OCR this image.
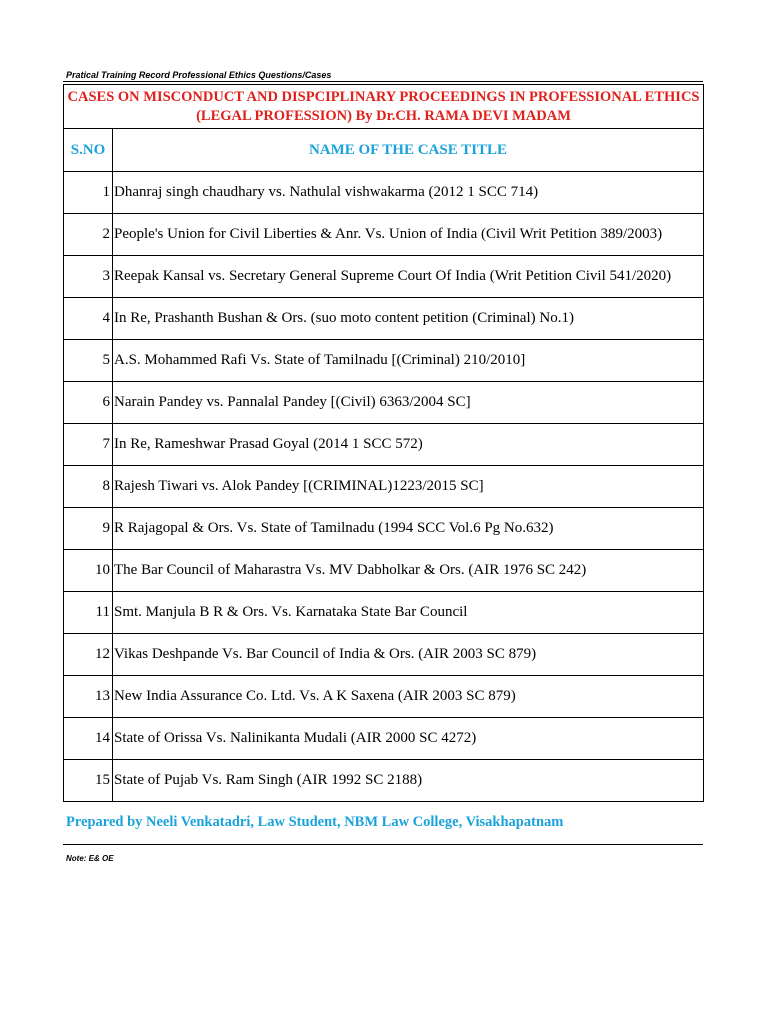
Pratical Training Record Professional Ethics Questions/Cases
CASES ON MISCONDUCT AND DISPCIPLINARY PROCEEDINGS IN PROFESSIONAL ETHICS
(LEGAL PROFESSION) By Dr.CH. RAMA DEVI MADAM	

S.NO	NAME OF THE CASE TITLE
1	Dhanraj singh chaudhary vs. Nathulal vishwakarma (2012 1 SCC 714)
2	People's Union for Civil Liberties & Anr. Vs. Union of India (Civil Writ Petition 389/2003)
3	Reepak Kansal vs. Secretary General Supreme Court Of India (Writ Petition Civil 541/2020)
4	In Re, Prashanth Bushan & Ors. (suo moto content petition (Criminal) No.1)
5	A.S. Mohammed Rafi Vs. State of Tamilnadu [(Criminal) 210/2010]
6	Narain Pandey vs. Pannalal Pandey [(Civil) 6363/2004 SC]
7	In Re, Rameshwar Prasad Goyal (2014 1 SCC 572)
8	Rajesh Tiwari vs. Alok Pandey [(CRIMINAL)1223/2015 SC]
9	R Rajagopal & Ors. Vs. State of Tamilnadu (1994 SCC Vol.6 Pg No.632)
10	The Bar Council of Maharastra Vs. MV Dabholkar & Ors. (AIR 1976 SC 242)
11	Smt. Manjula B R & Ors. Vs. Karnataka State Bar Council
12	Vikas Deshpande Vs. Bar Council of India & Ors. (AIR 2003 SC 879)
13	New India Assurance Co. Ltd. Vs. A K Saxena (AIR 2003 SC 879)
14	State of Orissa Vs. Nalinikanta Mudali (AIR 2000 SC 4272)
15	State of Pujab Vs. Ram Singh (AIR 1992 SC 2188)
Prepared by Neeli Venkatadri, Law Student, NBM Law College, Visakhapatnam
Note: E& OE
